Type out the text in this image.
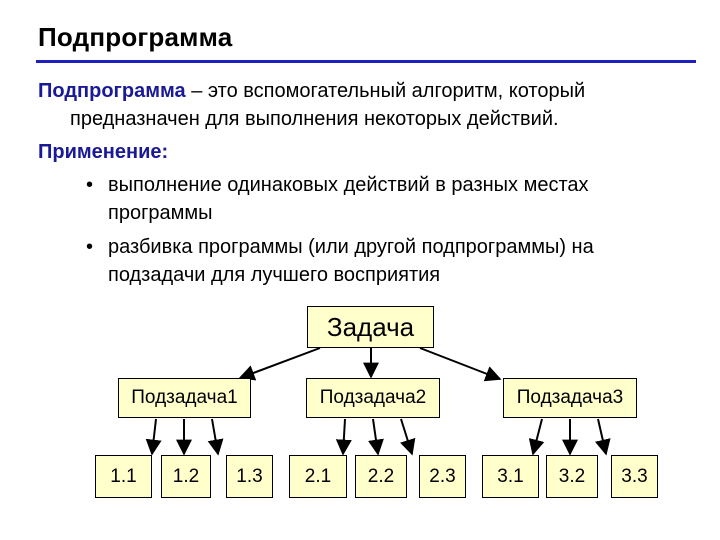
Подпрограмма
Подпрограмма – это вспомогательный алгоритм, который
предназначен для выполнения некоторых действий.
Применение:
• выполнение одинаковых действий в разных местах
программы
• разбивка программы (или другой подпрограммы) на
подзадачи для лучшего восприятия
Задача
Подзадача1	Подзадача2	Подзадача3
1.1	1.2	1.3	2.1	2.2	2.3	3.1	3.2	3.3
